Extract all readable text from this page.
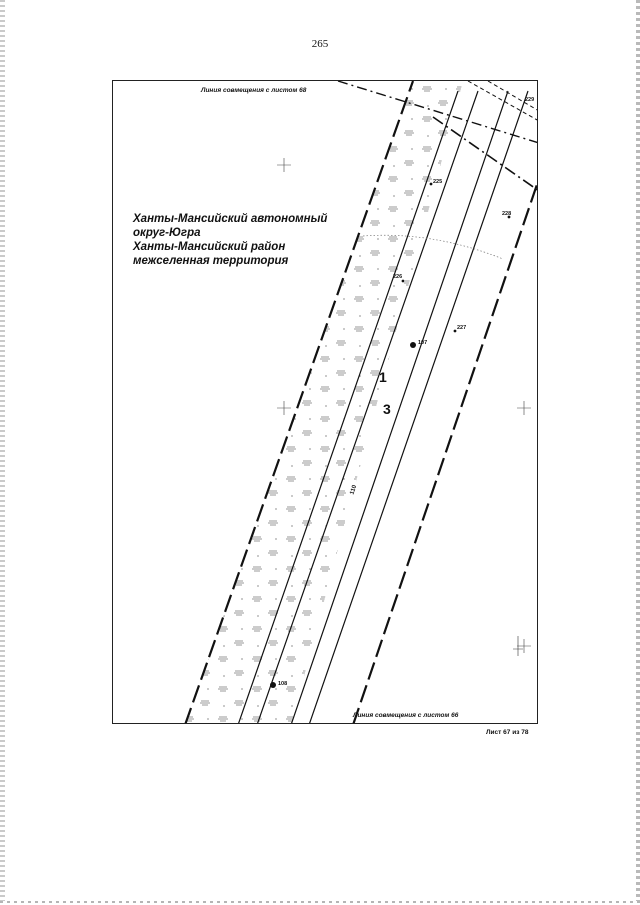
265
Линия совмещения с листом 68
Линия совмещения с листом 66
Ханты-Мансийский автономный
округ-Югра
Ханты-Мансийский район
межселенная территория
107
108
225
226
227
228
229
1
3
110
Лист 67 из 78
